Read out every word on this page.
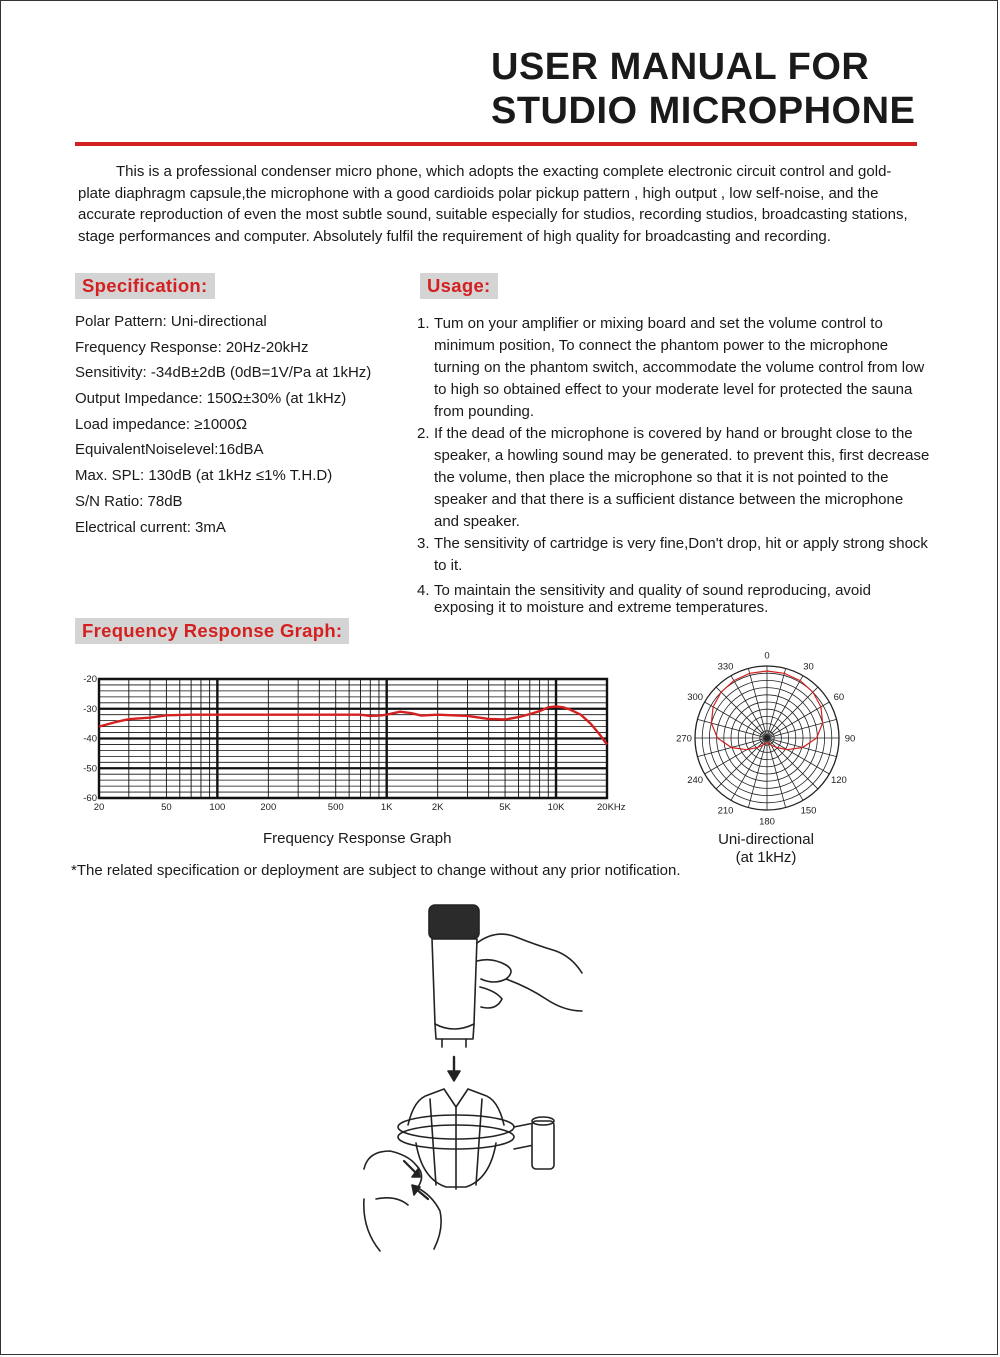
USER MANUAL FOR
STUDIO MICROPHONE

This is a professional condenser micro phone, which adopts the exacting complete electronic circuit control and gold-plate diaphragm capsule,the microphone with a good cardioids polar pickup pattern , high output , low self-noise, and the accurate reproduction of even the most subtle sound, suitable especially for studios, recording studios, broadcasting stations, stage performances and computer. Absolutely fulfil the requirement of high quality for broadcasting and recording.

Specification:
Polar Pattern: Uni-directional
Frequency Response: 20Hz-20kHz
Sensitivity: -34dB±2dB (0dB=1V/Pa at 1kHz)
Output Impedance: 150Ω±30% (at 1kHz)
Load impedance: ≥1000Ω
EquivalentNoiselevel:16dBA
Max. SPL: 130dB (at 1kHz ≤1% T.H.D)
S/N Ratio: 78dB
Electrical current: 3mA
Usage:
1. Tum on your amplifier or mixing board and set the volume control to minimum position, To connect the phantom power to the microphone turning on the phantom switch, accommodate the volume control from low to high so obtained effect to your moderate level for protected the sauna from pounding.
2. If the dead of the microphone is covered by hand or brought close to the speaker, a howling sound may be generated. to prevent this, first decrease the volume, then place the microphone so that it is not pointed to the speaker and that there is a sufficient distance between the microphone and speaker.
3. The sensitivity of cartridge is very fine,Don't drop, hit or apply strong shock to it.
4. To maintain the sensitivity and quality of sound reproducing, avoid exposing it to moisture and extreme temperatures.
Frequency Response Graph:
-20
-30
-40
-50
-60
20	50	100	200	500	1K	2K	5K	10K	20KHz
Frequency Response Graph
0
30
60
90
120
150
180
210
240
270
300
330
Uni-directional
(at 1kHz)
*The related specification or deployment are subject to change without any prior notification.
